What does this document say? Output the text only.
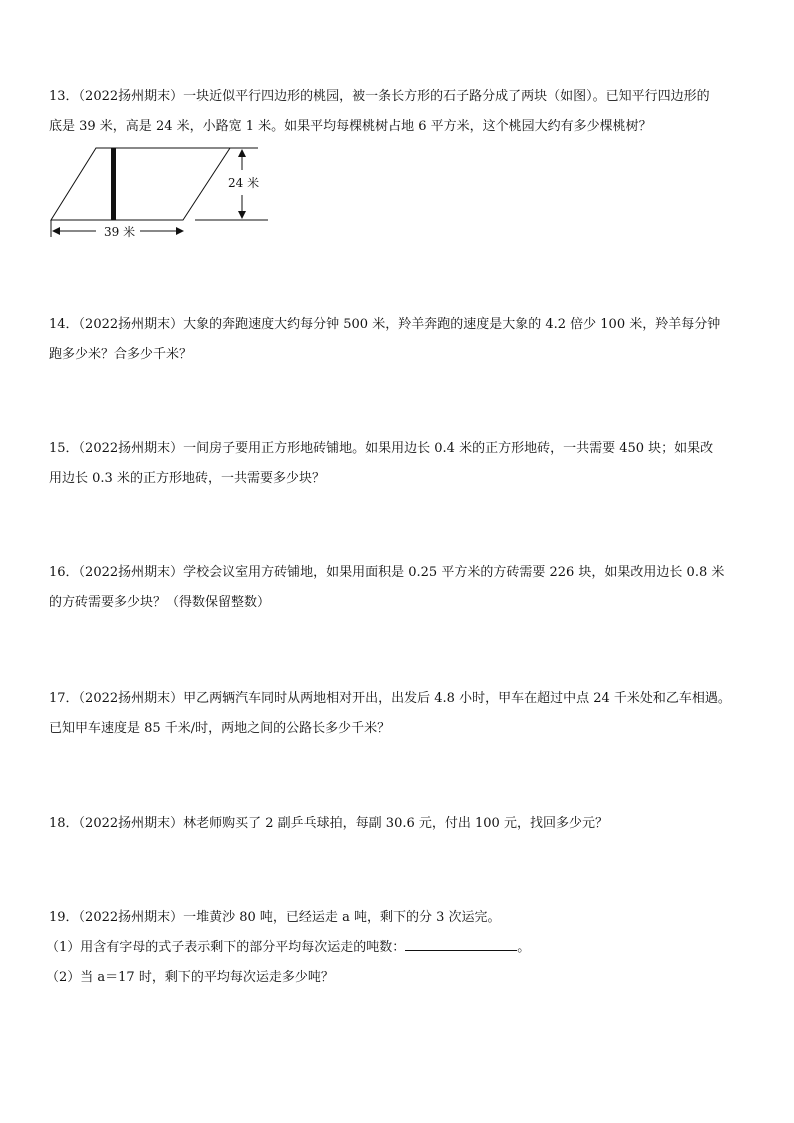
13．（2022扬州期末）一块近似平行四边形的桃园，被一条长方形的石子路分成了两块（如图）。已知平行四边形的

底是 39 米，高是 24 米，小路宽 1 米。如果平均每棵桃树占地 6 平方米，这个桃园大约有多少棵桃树？

24 米
39 米

14．（2022扬州期末）大象的奔跑速度大约每分钟 500 米，羚羊奔跑的速度是大象的 4.2 倍少 100 米，羚羊每分钟

跑多少米？合多少千米？

15．（2022扬州期末）一间房子要用正方形地砖铺地。如果用边长 0.4 米的正方形地砖，一共需要 450 块；如果改

用边长 0.3 米的正方形地砖，一共需要多少块？

16．（2022扬州期末）学校会议室用方砖铺地，如果用面积是 0.25 平方米的方砖需要 226 块，如果改用边长 0.8 米

的方砖需要多少块？（得数保留整数）

17．（2022扬州期末）甲乙两辆汽车同时从两地相对开出，出发后 4.8 小时，甲车在超过中点 24 千米处和乙车相遇。

已知甲车速度是 85 千米/时，两地之间的公路长多少千米？

18．（2022扬州期末）林老师购买了 2 副乒乓球拍，每副 30.6 元，付出 100 元，找回多少元？

19．（2022扬州期末）一堆黄沙 80 吨，已经运走 a 吨，剩下的分 3 次运完。

（1）用含有字母的式子表示剩下的部分平均每次运走的吨数：	。

（2）当 a＝17 时，剩下的平均每次运走多少吨？
